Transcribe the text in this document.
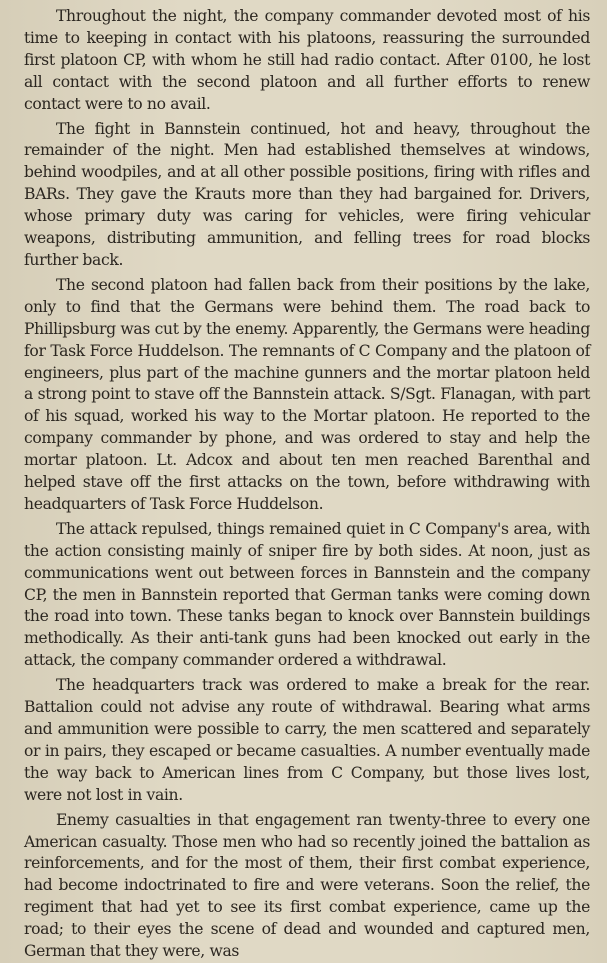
Throughout the night, the company commander devoted most of his time to keeping in contact with his platoons, reassuring the surrounded first platoon CP, with whom he still had radio contact. After 0100, he lost all contact with the second platoon and all further efforts to renew contact were to no avail.

The fight in Bannstein continued, hot and heavy, throughout the remainder of the night. Men had established themselves at windows, behind woodpiles, and at all other possible positions, firing with rifles and BARs. They gave the Krauts more than they had bargained for. Drivers, whose primary duty was caring for vehicles, were firing vehicular weapons, distributing ammunition, and felling trees for road blocks further back.

The second platoon had fallen back from their positions by the lake, only to find that the Germans were behind them. The road back to Phillipsburg was cut by the enemy. Apparently, the Germans were heading for Task Force Huddelson. The remnants of C Company and the platoon of engineers, plus part of the machine gunners and the mortar platoon held a strong point to stave off the Bannstein attack. S/Sgt. Flanagan, with part of his squad, worked his way to the Mortar platoon. He reported to the company commander by phone, and was ordered to stay and help the mortar platoon. Lt. Adcox and about ten men reached Barenthal and helped stave off the first attacks on the town, before withdrawing with headquarters of Task Force Huddelson.

The attack repulsed, things remained quiet in C Company's area, with the action consisting mainly of sniper fire by both sides. At noon, just as communications went out between forces in Bannstein and the company CP, the men in Bannstein reported that German tanks were coming down the road into town. These tanks began to knock over Bannstein buildings methodically. As their anti-tank guns had been knocked out early in the attack, the company commander ordered a withdrawal.

The headquarters track was ordered to make a break for the rear. Battalion could not advise any route of withdrawal. Bearing what arms and ammunition were possible to carry, the men scattered and separately or in pairs, they escaped or became casualties. A number eventually made the way back to American lines from C Company, but those lives lost, were not lost in vain.

Enemy casualties in that engagement ran twenty-three to every one American casualty. Those men who had so recently joined the battalion as reinforcements, and for the most of them, their first combat experience, had become indoctrinated to fire and were veterans. Soon the relief, the regiment that had yet to see its first combat experience, came up the road; to their eyes the scene of dead and wounded and captured men, German that they were, was
